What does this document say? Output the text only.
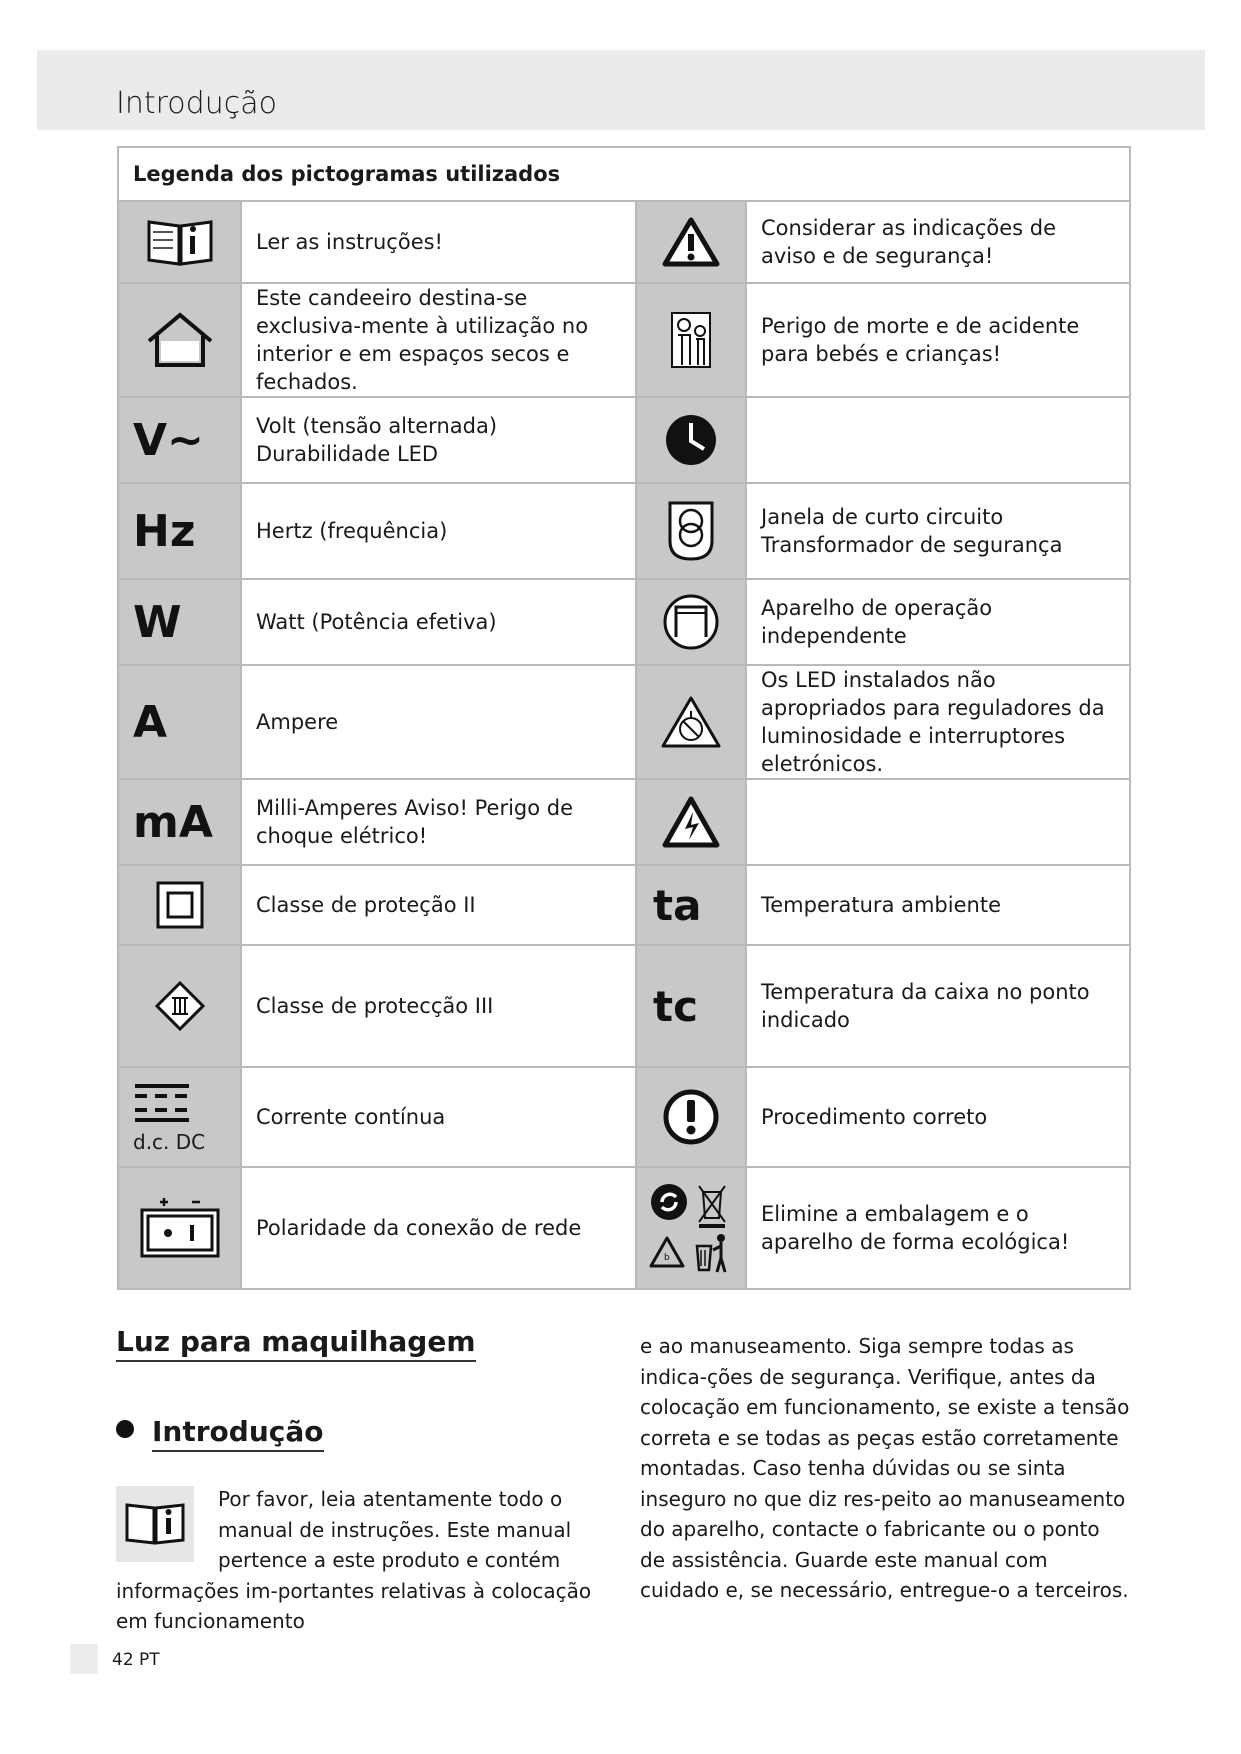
Introdução
Legenda dos pictogramas utilizados			

	Ler as instruções!		Considerar as indicações de aviso e de segurança!

	Este candeeiro destina-se exclusiva-mente à utilização no interior e em espaços secos e fechados.		Perigo de morte e de acidente para bebés e crianças!

V~	Volt (tensão alternada) Durabilidade LED	

Hz	Hertz (frequência)		Janela de curto circuito Transformador de segurança

W	Watt (Potência efetiva)		Aparelho de operação independente

A	Ampere		Os LED instalados não apropriados para reguladores da luminosidade e interruptores eletrónicos.

mA	Milli-Amperes Aviso! Perigo de choque elétrico!	

	Classe de proteção II	ta	Temperatura ambiente

	Classe de protecção III	tc	Temperatura da caixa no ponto indicado

d.c. DC	Corrente contínua		Procedimento correto

	Polaridade da conexão de rede	b	Elimine a embalagem e o aparelho de forma ecológica!
Luz para maquilhagem
Introdução
Por favor, leia atentamente todo o manual de instruções. Este manual pertence a este produto e contém informações im-portantes relativas à colocação em funcionamento
e ao manuseamento. Siga sempre todas as indica-ções de segurança. Verifique, antes da colocação em funcionamento, se existe a tensão correta e se todas as peças estão corretamente montadas. Caso tenha dúvidas ou se sinta inseguro no que diz res-peito ao manuseamento do aparelho, contacte o fabricante ou o ponto de assistência. Guarde este manual com cuidado e, se necessário, entregue-o a terceiros.
42 PT
